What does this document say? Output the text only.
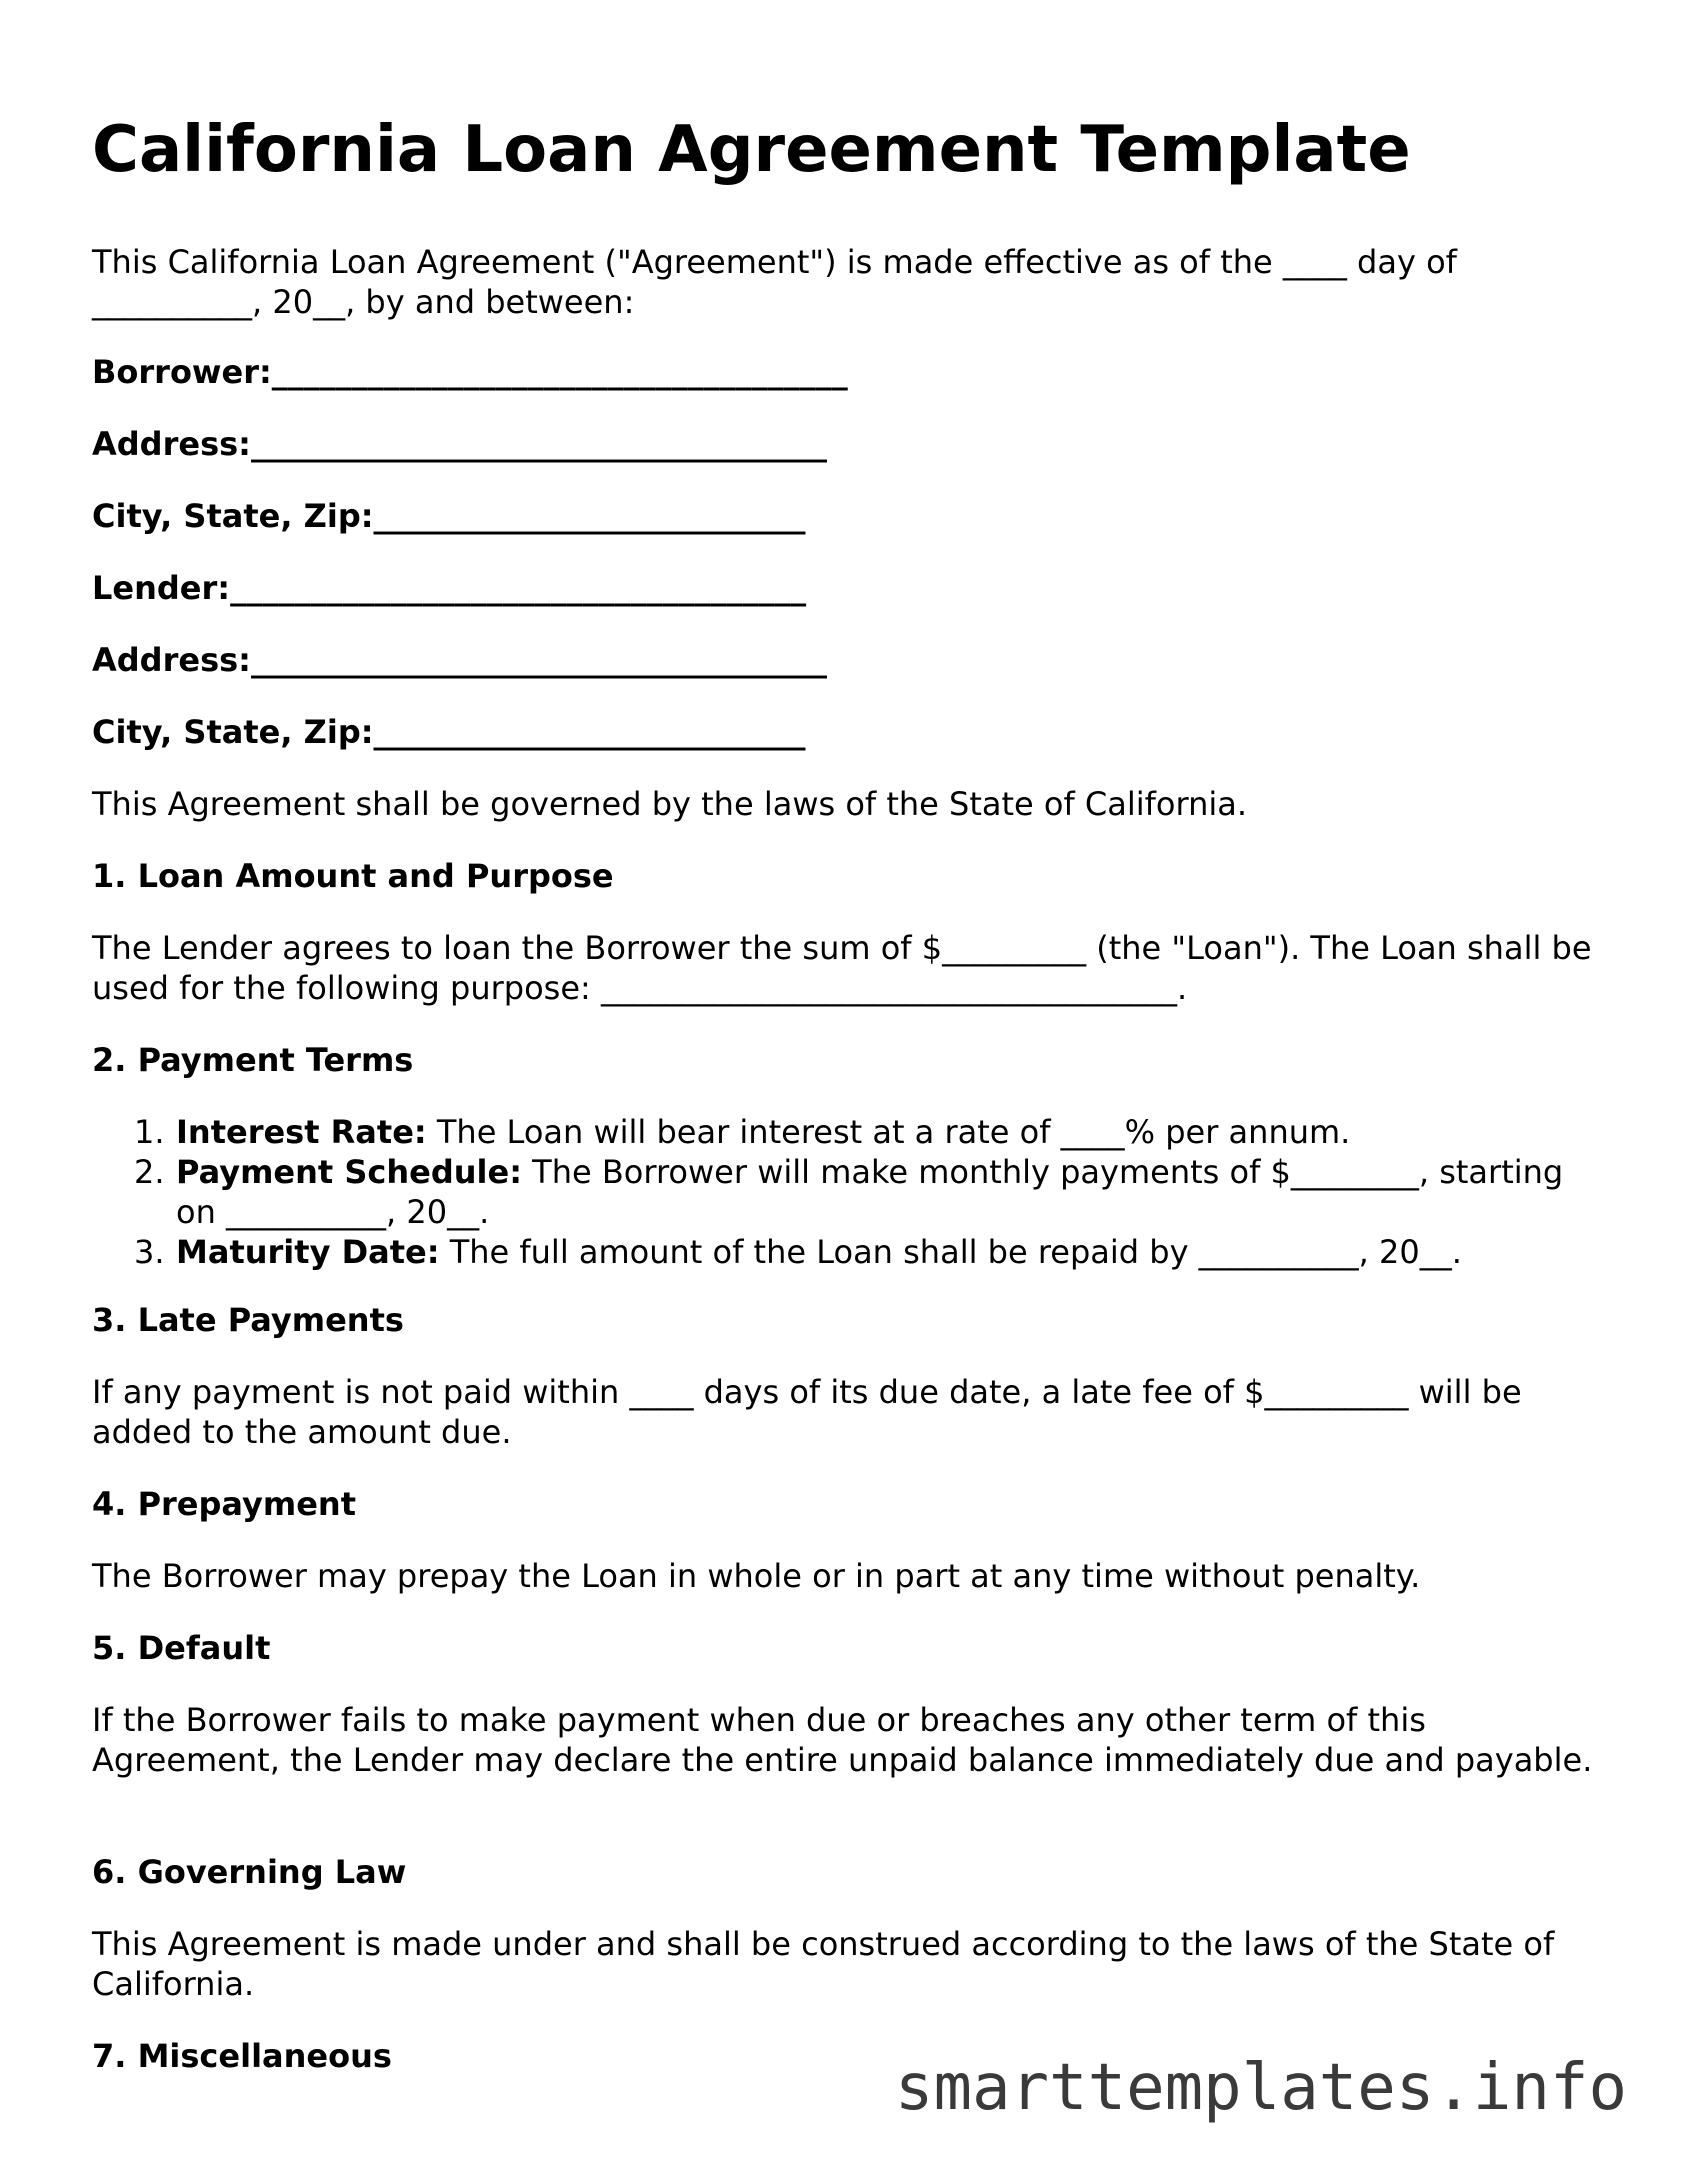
California Loan Agreement Template

This California Loan Agreement ("Agreement") is made effective as of the ____ day of __________, 20__, by and between:

Borrower:____________________________________

Address:____________________________________

City, State, Zip:___________________________

Lender:____________________________________

Address:____________________________________

City, State, Zip:___________________________

This Agreement shall be governed by the laws of the State of California.

1. Loan Amount and Purpose

The Lender agrees to loan the Borrower the sum of $_________ (the "Loan"). The Loan shall be used for the following purpose: ____________________________________.

2. Payment Terms

1. Interest Rate: The Loan will bear interest at a rate of ____% per annum.
2. Payment Schedule: The Borrower will make monthly payments of $________, starting on __________, 20__.
3. Maturity Date: The full amount of the Loan shall be repaid by __________, 20__.

3. Late Payments

If any payment is not paid within ____ days of its due date, a late fee of $_________ will be added to the amount due.

4. Prepayment

The Borrower may prepay the Loan in whole or in part at any time without penalty.

5. Default

If the Borrower fails to make payment when due or breaches any other term of this Agreement, the Lender may declare the entire unpaid balance immediately due and payable.

6. Governing Law

This Agreement is made under and shall be construed according to the laws of the State of California.

7. Miscellaneous	smarttemplates.info
